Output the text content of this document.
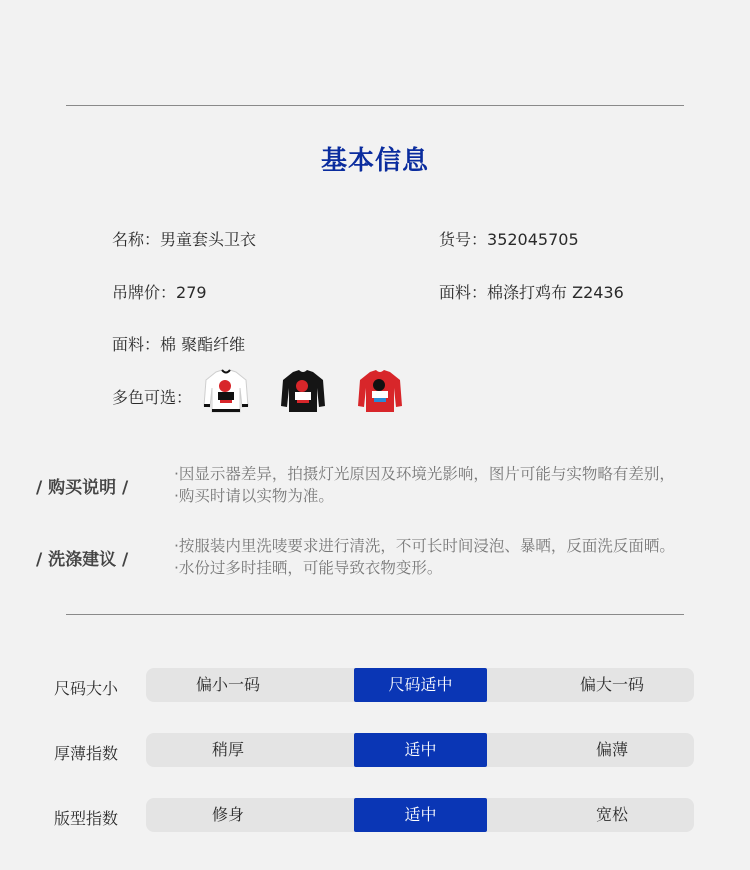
基本信息
名称：男童套头卫衣	货号：352045705
吊牌价：279	面料：棉涤打鸡布 Z2436
面料：棉 聚酯纤维
多色可选：
/ 购买说明 /
·因显示器差异，拍摄灯光原因及环境光影响，图片可能与实物略有差别，
·购买时请以实物为准。
/ 洗涤建议 /
·按服装内里洗唛要求进行清洗，不可长时间浸泡、暴晒，反面洗反面晒。
·水份过多时挂晒，可能导致衣物变形。
尺码大小	偏小一码	尺码适中	偏大一码
厚薄指数	稍厚	适中	偏薄
版型指数	修身	适中	宽松
